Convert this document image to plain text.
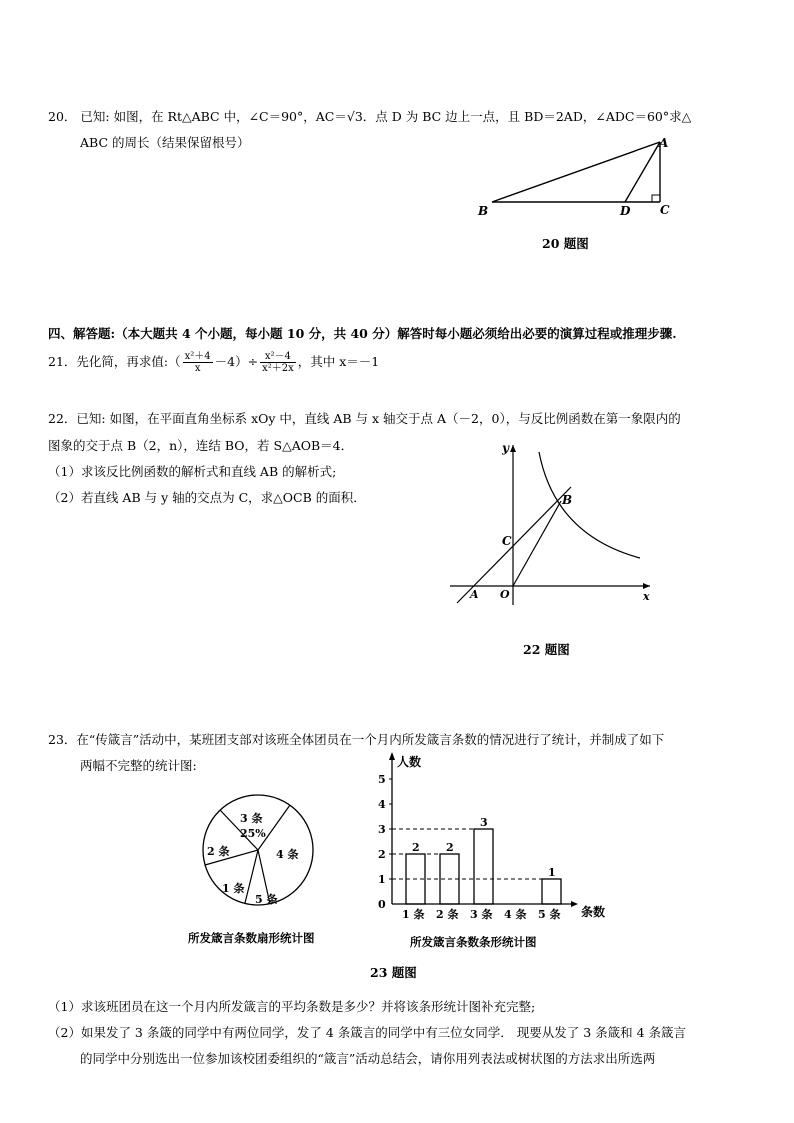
20． 已知: 如图，在 Rt△ABC 中，∠C＝90°，AC＝√3．点 D 为 BC 边上一点，且 BD＝2AD，∠ADC＝60°求△
ABC 的周长（结果保留根号）	A
B	D C
20 题图
四、解答题:（本大题共 4 个小题，每小题 10 分，共 40 分）解答时每小题必须给出必要的演算过程或推理步骤.
21．先化简，再求值:（ $\frac{\text{x²＋4}}{x} -4)\div \frac{\text{x²－4}}{\text{x²＋2x}}$ ，其中 x＝－1
22．已知: 如图，在平面直角坐标系 xOy 中，直线 AB 与 x 轴交于点 A（－2，0），与反比例函数在第一象限内的
图象的交于点 B（2，n），连结 BO，若 S△AOB＝4．
（1）求该反比例函数的解析式和直线 AB 的解析式;
（2）若直线 AB 与 y 轴的交点为 C，求△OCB 的面积．
y
x
A O
C
B
22 题图
23．在“传箴言”活动中，某班团支部对该班全体团员在一个月内所发箴言条数的情况进行了统计，并制成了如下
两幅不完整的统计图:
3 条
25%
2 条	4 条
1 条
5 条
所发箴言条数扇形统计图
人数
条数
0
1
2
3
4
5
2
1 条
2
2 条
3
3 条 4 条
1
5 条
所发箴言条数条形统计图
23 题图
（1）求该班团员在这一个月内所发箴言的平均条数是多少？并将该条形统计图补充完整;
（2）如果发了 3 条箴的同学中有两位同学，发了 4 条箴言的同学中有三位女同学． 现要从发了 3 条箴和 4 条箴言
的同学中分别选出一位参加该校团委组织的“箴言”活动总结会，请你用列表法或树状图的方法求出所选两
